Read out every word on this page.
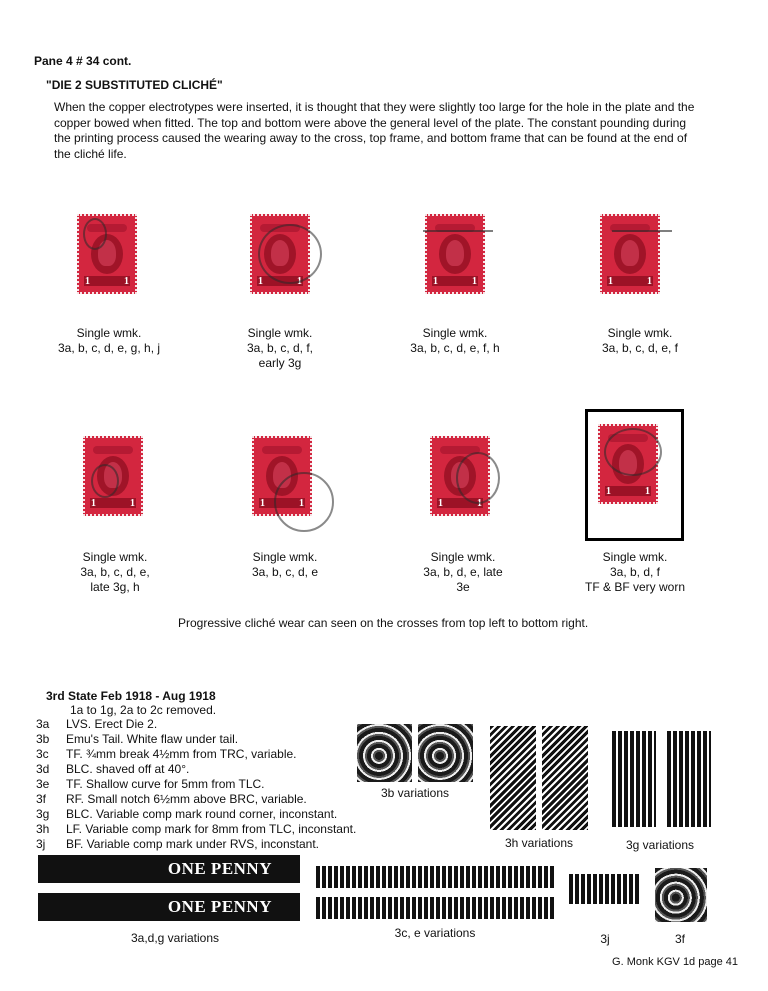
Pane 4 # 34 cont.
"DIE 2 SUBSTITUTED CLICHÉ"
When the copper electrotypes were inserted, it is thought that they were slightly too large for the hole in the plate and the copper bowed when fitted. The top and bottom were above the general level of the plate. The constant pounding during the printing process caused the wearing away to the cross, top frame, and bottom frame that can be found at the end of the cliché life.
1	1	1	1	1	1	1	1
Single wmk.
3a, b, c, d, e, g, h, j
Single wmk.
3a, b, c, d, f,
early 3g
Single wmk.
3a, b, c, d, e, f, h
Single wmk.
3a, b, c, d, e, f
1	1	1	1	1	1
1	1
Single wmk.
3a, b, c, d, e,
late 3g, h
Single wmk.
3a, b, c, d, e
Single wmk.
3a, b, d, e, late
3e
Single wmk.
3a, b, d, f
TF & BF very worn
Progressive cliché wear can seen on the crosses from top left to bottom right.
3rd State Feb 1918 - Aug 1918
1a to 1g, 2a to 2c removed.
3a LVS. Erect Die 2.
3b Emu's Tail. White flaw under tail.
3c TF. ¾mm break 4½mm from TRC, variable.
3d BLC. shaved off at 40°.
3e TF. Shallow curve for 5mm from TLC.
3f RF. Small notch 6½mm above BRC, variable.
3g BLC. Variable comp mark round corner, inconstant.
3h LF. Variable comp mark for 8mm from TLC, inconstant.
3j BF. Variable comp mark under RVS, inconstant.
3b variations
3h variations	3g variations
ONE PENNY
ONE PENNY
3a,d,g variations	3c, e variations	3j	3f
G. Monk KGV 1d page 41
